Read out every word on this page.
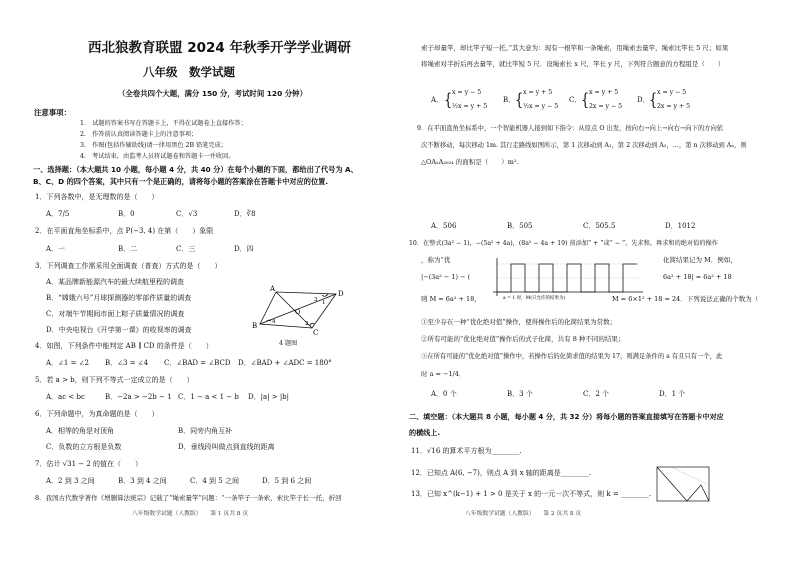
西北狼教育联盟 2024 年秋季开学学业调研
八年级　数学试题
（全卷共四个大题，满分 150 分，考试时间 120 分钟）
注意事项：
1.　试题的答案书写在答题卡上，不得在试题卷上直接作答；
2.　作答前认真阅读答题卡上的注意事项；
3.　作图(包括作辅助线)请一律用黑色 2B 铅笔完成；
4.　考试结束，由监考人员将试题卷和答题卡一并收回。
一、选择题：（本大题共 10 小题，每小题 4 分，共 40 分）在每个小题的下面，都给出了代号为 A、
B、C、D 的四个答案，其中只有一个是正确的，请将每小题的答案涂在答题卡中对应的位置.
1．下列各数中，是无理数的是（　　）
A．7/5	B．0	C．√3	D．∛8
2．在平面直角坐标系中，点 P(−3, 4) 在第（　　）象限
A．一	B．二	C．三	D．四
3．下列调查工作需采用全面调查（普查）方式的是（　　）
A．某品牌新能源汽车的最大续航里程的调查
B．“嫦娥六号”月球探测器的零部件质量的调查
C．对端午节期间市面上粽子质量情况的调查
D．中央电视台《开学第一课》的收视率的调查
A
D
C
B
O
1
2
3
4
4 题图
4．如图，下列条件中能判定 AB ∥ CD 的条件是（　　）
A．∠1 = ∠2 B．∠3 = ∠4 C．∠BAD = ∠BCD D．∠BAD + ∠ADC = 180°
5．若 a > b，则下列不等式一定成立的是（　　）
A．ac < bc	B．−2a > −2b − 1 C．1 − a < 1 − b D．|a| > |b|
6．下列命题中，为真命题的是（　　）
A．相等的角是对顶角	B．同旁内角互补
C．负数的立方根是负数	D．垂线段叫做点到直线的距离
7．估计 √31 − 2 的值在（　　）
A．2 到 3 之间	B．3 到 4 之间	C．4 到 5 之间	D．5 到 6 之间
8．我国古代数学著作《增删算法统宗》记载了“绳索量竿”问题：“一条竿子一条索，索比竿子长一托，折回
八年级数学试题（人教版）　　第 1 页共 8 页
索子却量竿，却比竿子短一托。”其大意为：现有一根竿和一条绳索，用绳索去量竿，绳索比竿长 5 尺；如果
将绳索对半折后再去量竿，就比竿短 5 尺．设绳索长 x 尺，竿长 y 尺，下列符合题意的方程组是（　　）
A． { x = y − 5
½x = y + 5
B． { x = y + 5
½x = y − 5
C． { x = y + 5
2x = y − 5
D． { x = y − 5
2x = y + 5
9．在平面直角坐标系中，一个智能机器人接到如下指令：从原点 O 出发，按向右→向上→向右→向下的方向依
次不断移动，每次移动 1m. 其行走路线如图所示，第 1 次移动到 A₁，第 2 次移动到 A₂，…，第 n 次移动到 Aₙ，则
△OA₂A₂₀₂₄ 的面积是（　　）m².
A．506	B．505	C．505.5	D．1012
10．在整式(3a² − 1)，−(5a² + 4a)，(8a² − 4a + 19) 前添加“ + ”或“ − ”，先求和，再求和的绝对值的操作
，称为“优	化简结果记为 M．例如，
|−(3a² − 1) − (	6a² + 18| = 6a² + 18
则 M = 6a² + 18，	M = 6×1² + 18 = 24．下列说法正确的个数为（
a = 1 时，M(只允许的结果为)
①至少存在一种“优化绝对值”操作，使得操作后的化简结果为常数；
②所有可能的“优化绝对值”操作后的式子化简，共有 8 种不同的结果；
③在所有可能的“优化绝对值”操作中，若操作后的化简求值的结果为 17，则满足条件的 a 有且只有一个，此
时 a = −1/4．
A．0 个	B．3 个	C．2 个	D．1 个
二、填空题：（本大题共 8 小题，每小题 4 分，共 32 分）将每小题的答案直接填写在答题卡中对应
的横线上.
11．√16 的算术平方根为________.
12．已知点 A(6, −7)，则点 A 到 x 轴的距离是________.
13．已知 x^(k−1) + 1 > 0 是关于 x 的一元一次不等式，则 k = ________.
八年级数学试题（人教版）　　第 2 页共 8 页
